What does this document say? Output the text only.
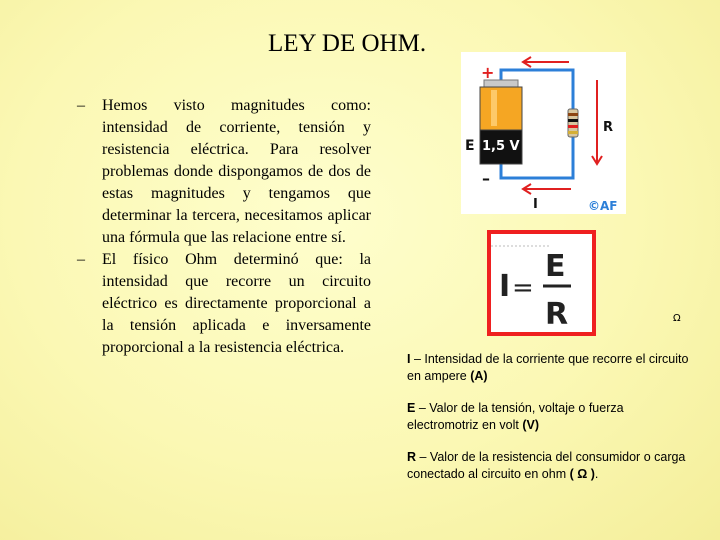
LEY DE OHM.
– Hemos visto magnitudes como: intensidad de corriente, tensión y resistencia eléctrica. Para resolver problemas donde dispongamos de dos de estas magnitudes y tengamos que determinar la tercera, necesitamos aplicar una fórmula que las relacione entre sí.
– El físico Ohm determinó que: la intensidad que recorre un circuito eléctrico es directamente proporcional a la tensión aplicada e inversamente proporcional a la resistencia eléctrica.
+
–
E 1,5 V
R
I	©AF
I =
E
R	Ω

I – Intensidad de la corriente que recorre el circuito en ampere (A)

E – Valor de la tensión, voltaje o fuerza electromotriz en volt (V)

R – Valor de la resistencia del consumidor o carga conectado al circuito en ohm ( Ω ).
